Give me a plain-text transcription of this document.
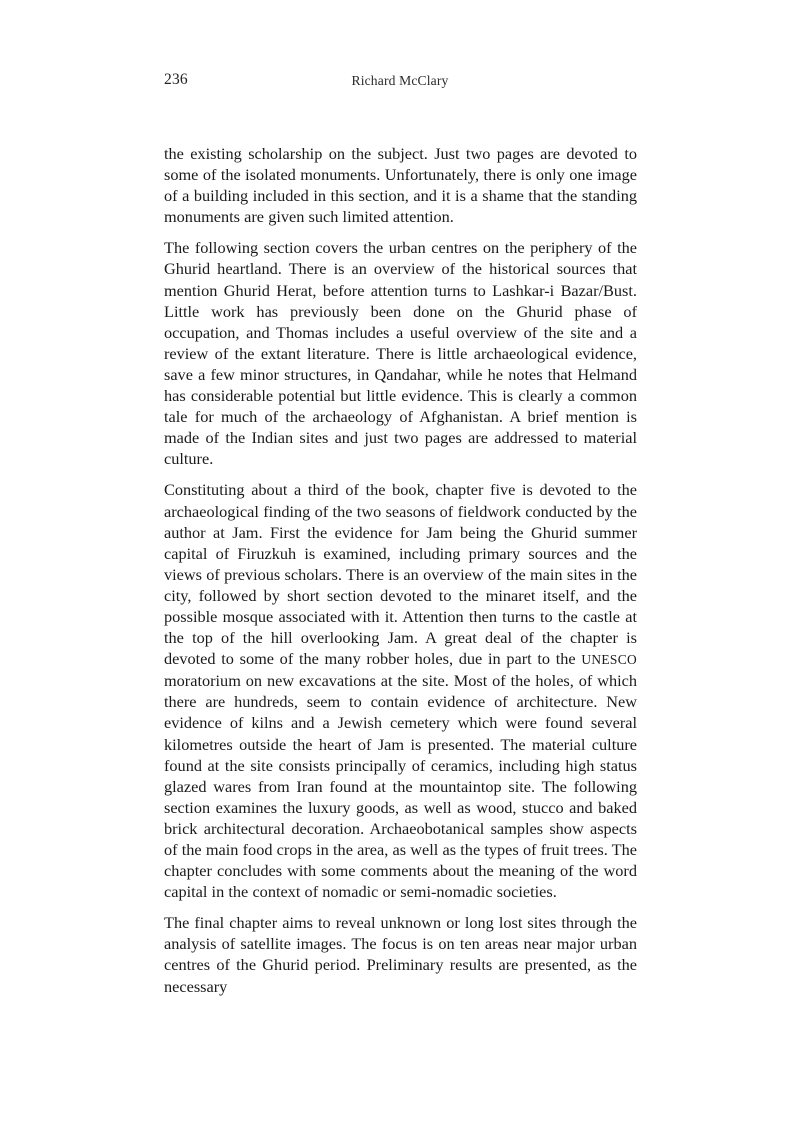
236	Richard McClary

the existing scholarship on the subject. Just two pages are devoted to some of the isolated monuments. Unfortunately, there is only one image of a building included in this section, and it is a shame that the standing monuments are given such limited attention.

The following section covers the urban centres on the periphery of the Ghurid heartland. There is an overview of the historical sources that mention Ghurid Herat, before attention turns to Lashkar-i Bazar/Bust. Little work has previously been done on the Ghurid phase of occupation, and Thomas includes a useful overview of the site and a review of the extant literature. There is little archaeological evidence, save a few minor structures, in Qandahar, while he notes that Helmand has considerable potential but little evidence. This is clearly a common tale for much of the archaeology of Afghanistan. A brief mention is made of the Indian sites and just two pages are addressed to material culture.

Constituting about a third of the book, chapter five is devoted to the archaeological finding of the two seasons of fieldwork conducted by the author at Jam. First the evidence for Jam being the Ghurid summer capital of Firuzkuh is examined, including primary sources and the views of previous scholars. There is an overview of the main sites in the city, followed by short section devoted to the minaret itself, and the possible mosque associated with it. Attention then turns to the castle at the top of the hill overlooking Jam. A great deal of the chapter is devoted to some of the many robber holes, due in part to the UNESCO moratorium on new excavations at the site. Most of the holes, of which there are hundreds, seem to contain evidence of architecture. New evidence of kilns and a Jewish cemetery which were found several kilometres outside the heart of Jam is presented. The material culture found at the site consists principally of ceramics, including high status glazed wares from Iran found at the mountaintop site. The following section examines the luxury goods, as well as wood, stucco and baked brick architectural decoration. Archaeobotanical samples show aspects of the main food crops in the area, as well as the types of fruit trees. The chapter concludes with some comments about the meaning of the word capital in the context of nomadic or semi-nomadic societies.

The final chapter aims to reveal unknown or long lost sites through the analysis of satellite images. The focus is on ten areas near major urban centres of the Ghurid period. Preliminary results are presented, as the necessary
